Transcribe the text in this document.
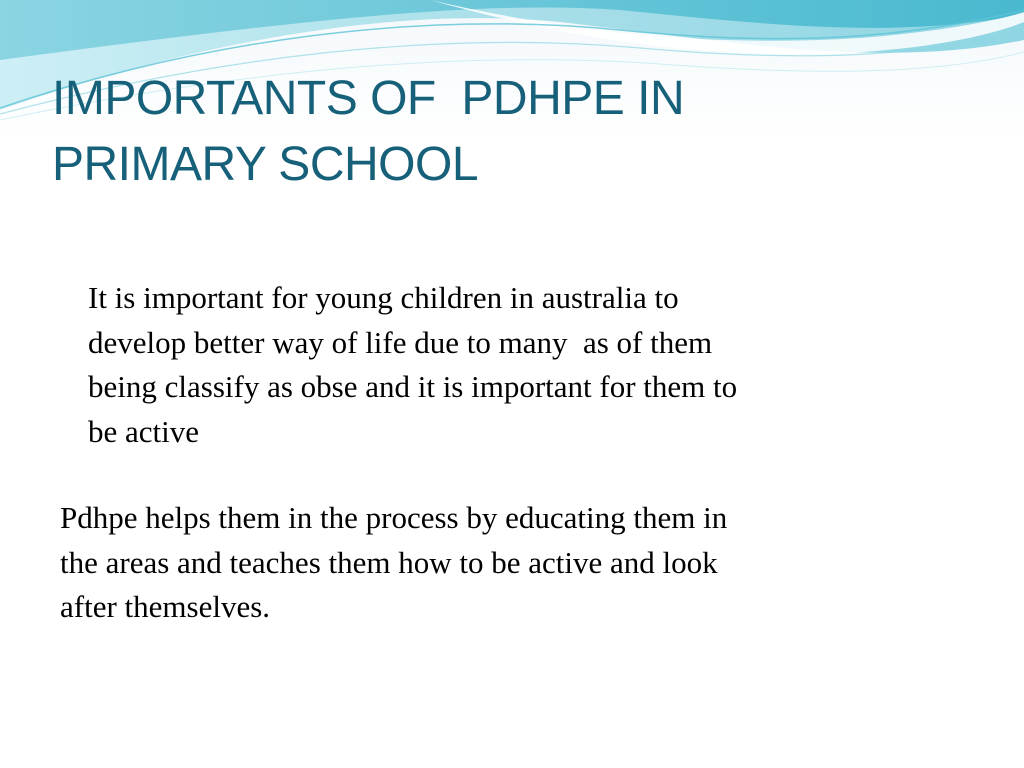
IMPORTANTS OF  PDHPE IN
PRIMARY SCHOOL

It is important for young children in australia to
develop better way of life due to many  as of them
being classify as obse and it is important for them to
be active

Pdhpe helps them in the process by educating them in
the areas and teaches them how to be active and look
after themselves.
